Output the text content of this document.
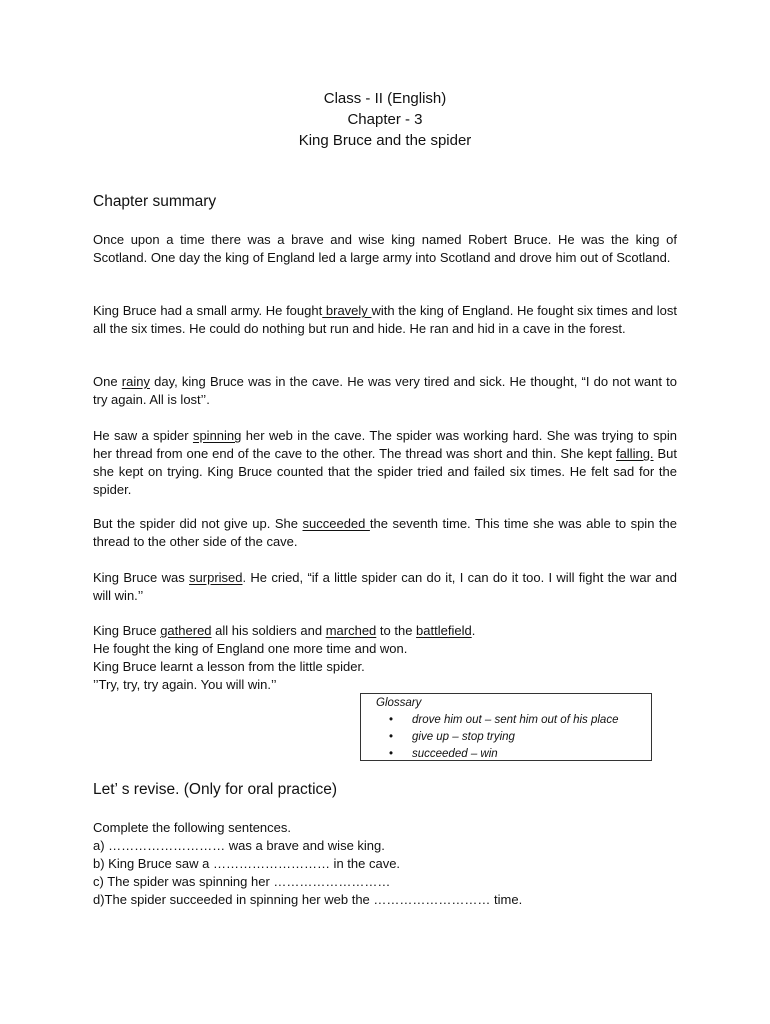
Class - II (English)
Chapter - 3
King Bruce and the spider
Chapter summary

Once upon a time there was a brave and wise king named Robert Bruce. He was the king of Scotland. One day the king of England led a large army into Scotland and drove him out of Scotland.

King Bruce had a small army. He fought bravely with the king of England. He fought six times and lost all the six times. He could do nothing but run and hide. He ran and hid in a cave in the forest.

One rainy day, king Bruce was in the cave. He was very tired and sick. He thought, “I do not want to try again. All is lost’’.

He saw a spider spinning her web in the cave. The spider was working hard. She was trying to spin her thread from one end of the cave to the other. The thread was short and thin. She kept falling. But she kept on trying. King Bruce counted that the spider tried and failed six times. He felt sad for the spider.

But the spider did not give up. She succeeded the seventh time. This time she was able to spin the thread to the other side of the cave.

King Bruce was surprised. He cried, “if a little spider can do it, I can do it too. I will fight the war and will win.’’

King Bruce gathered all his soldiers and marched to the battlefield.
He fought the king of England one more time and won.
King Bruce learnt a lesson from the little spider.
’’Try, try, try again. You will win.’’
Glossary
• drove him out – sent him out of his place
• give up – stop trying
• succeeded – win
Let’ s revise. (Only for oral practice)
Complete the following sentences.
a) ……………………… was a brave and wise king.
b) King Bruce saw a ……………………… in the cave.
c) The spider was spinning her ………………………
d)The spider succeeded in spinning her web the ……………………… time.
